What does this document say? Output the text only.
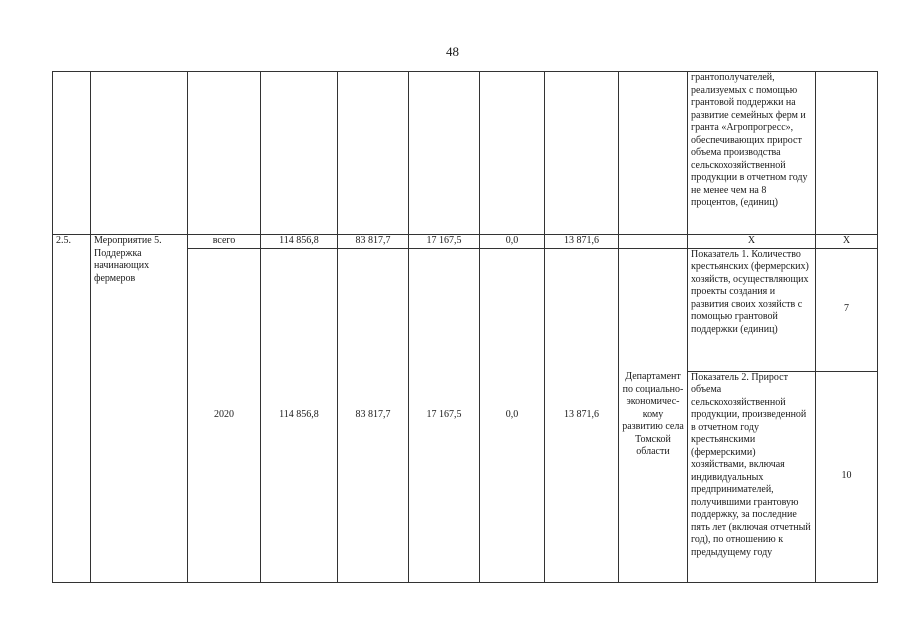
48
									грантополучателей, реализуемых с помощью грантовой поддержки на развитие семейных ферм и гранта «Агропрогресс», обеспечивающих прирост объема производства сельскохозяйственной продукции в отчетном году не менее чем на 8 процентов, (единиц)	
2.5.	Мероприятие 5. Поддержка начинающих фермеров	всего	114 856,8	83 817,7	17 167,5	0,0	13 871,6		X	X
		2020	114 856,8	83 817,7	17 167,5	0,0	13 871,6	Департамент по социально-экономичес-кому развитию села Томской области	Показатель 1. Количество крестьянских (фермерских) хозяйств, осуществляющих проекты создания и развития своих хозяйств с помощью грантовой поддержки (единиц)	7
									Показатель 2. Прирост объема сельскохозяйственной продукции, произведенной в отчетном году крестьянскими (фермерскими) хозяйствами, включая индивидуальных предпринимателей, получившими грантовую поддержку, за последние пять лет (включая отчетный год), по отношению к предыдущему году	10
